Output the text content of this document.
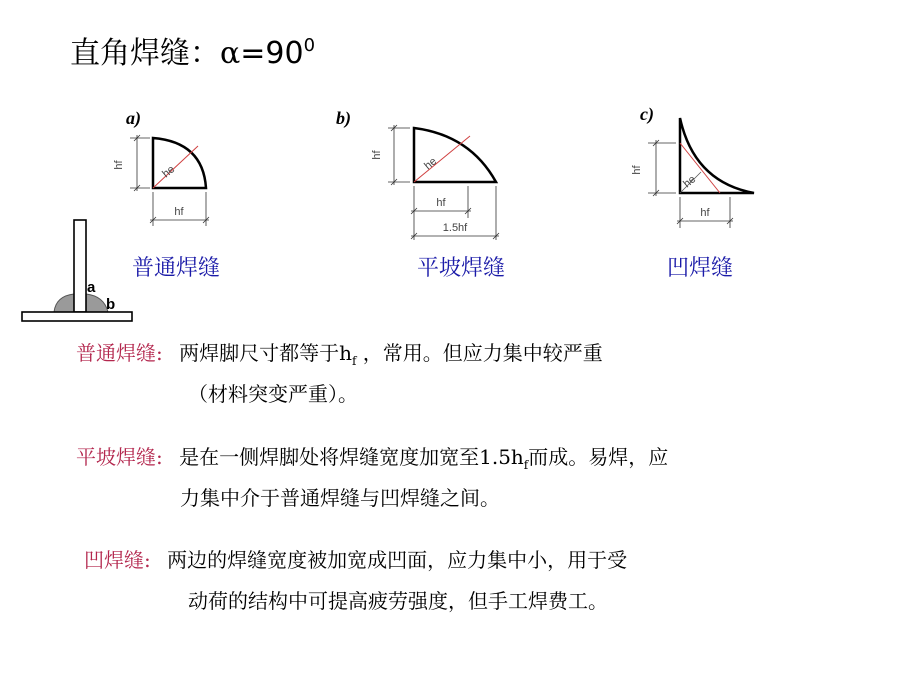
直角焊缝：$\alpha=90^0$
a)
he
hf
hf
普通焊缝
b)
he
hf
hf
1.5hf
平坡焊缝
c)
he
hf
hf
凹焊缝
a
b
普通焊缝: 两焊脚尺寸都等于$h_f$ ，常用。但应力集中较严重
（材料突变严重）。
平坡焊缝: 是在一侧焊脚处将焊缝宽度加宽至$1.5h_f$而成。易焊，应
力集中介于普通焊缝与凹焊缝之间。
凹焊缝: 两边的焊缝宽度被加宽成凹面，应力集中小，用于受
动荷的结构中可提高疲劳强度，但手工焊费工。
